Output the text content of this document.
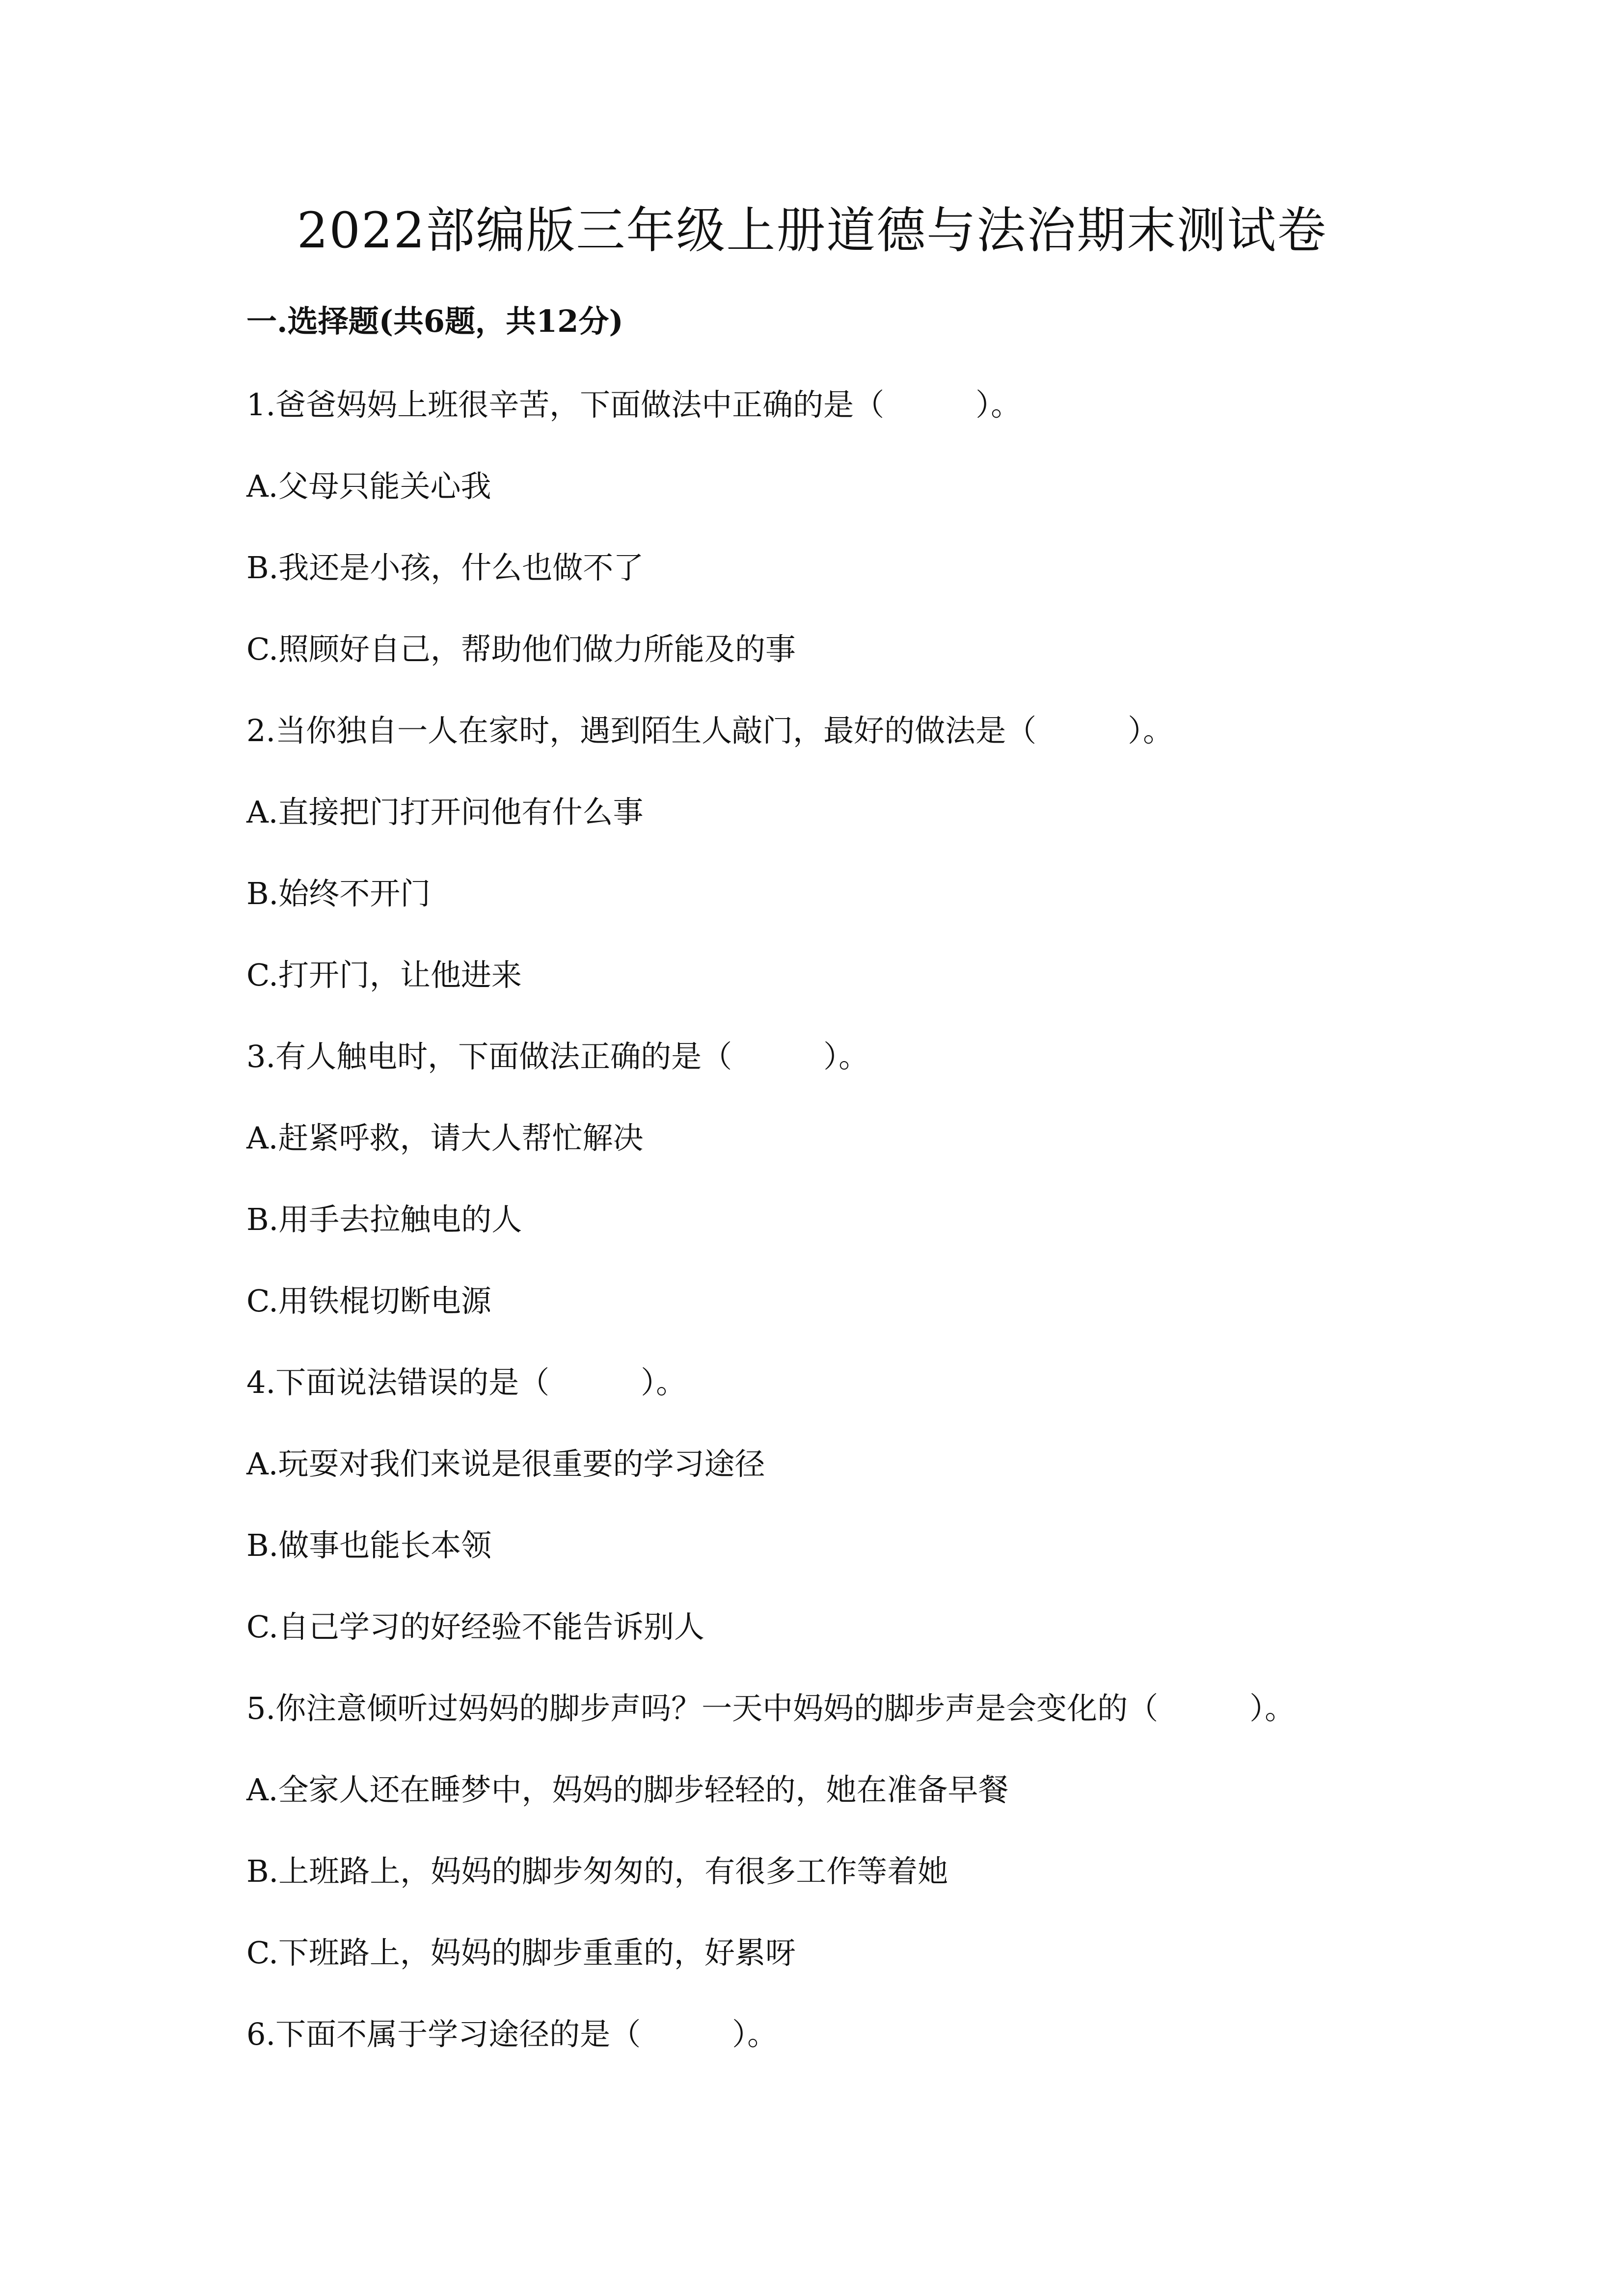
2022部编版三年级上册道德与法治期末测试卷
一.选择题(共6题，共12分)
1.爸爸妈妈上班很辛苦，下面做法中正确的是（　　　）。
A.父母只能关心我
B.我还是小孩，什么也做不了
C.照顾好自己，帮助他们做力所能及的事
2.当你独自一人在家时，遇到陌生人敲门，最好的做法是（　　　）。
A.直接把门打开问他有什么事
B.始终不开门
C.打开门，让他进来
3.有人触电时，下面做法正确的是（　　　）。
A.赶紧呼救，请大人帮忙解决
B.用手去拉触电的人
C.用铁棍切断电源
4.下面说法错误的是（　　　）。
A.玩耍对我们来说是很重要的学习途径
B.做事也能长本领
C.自己学习的好经验不能告诉别人
5.你注意倾听过妈妈的脚步声吗？一天中妈妈的脚步声是会变化的（　　　）。
A.全家人还在睡梦中，妈妈的脚步轻轻的，她在准备早餐
B.上班路上，妈妈的脚步匆匆的，有很多工作等着她
C.下班路上，妈妈的脚步重重的，好累呀
6.下面不属于学习途径的是（　　　）。
